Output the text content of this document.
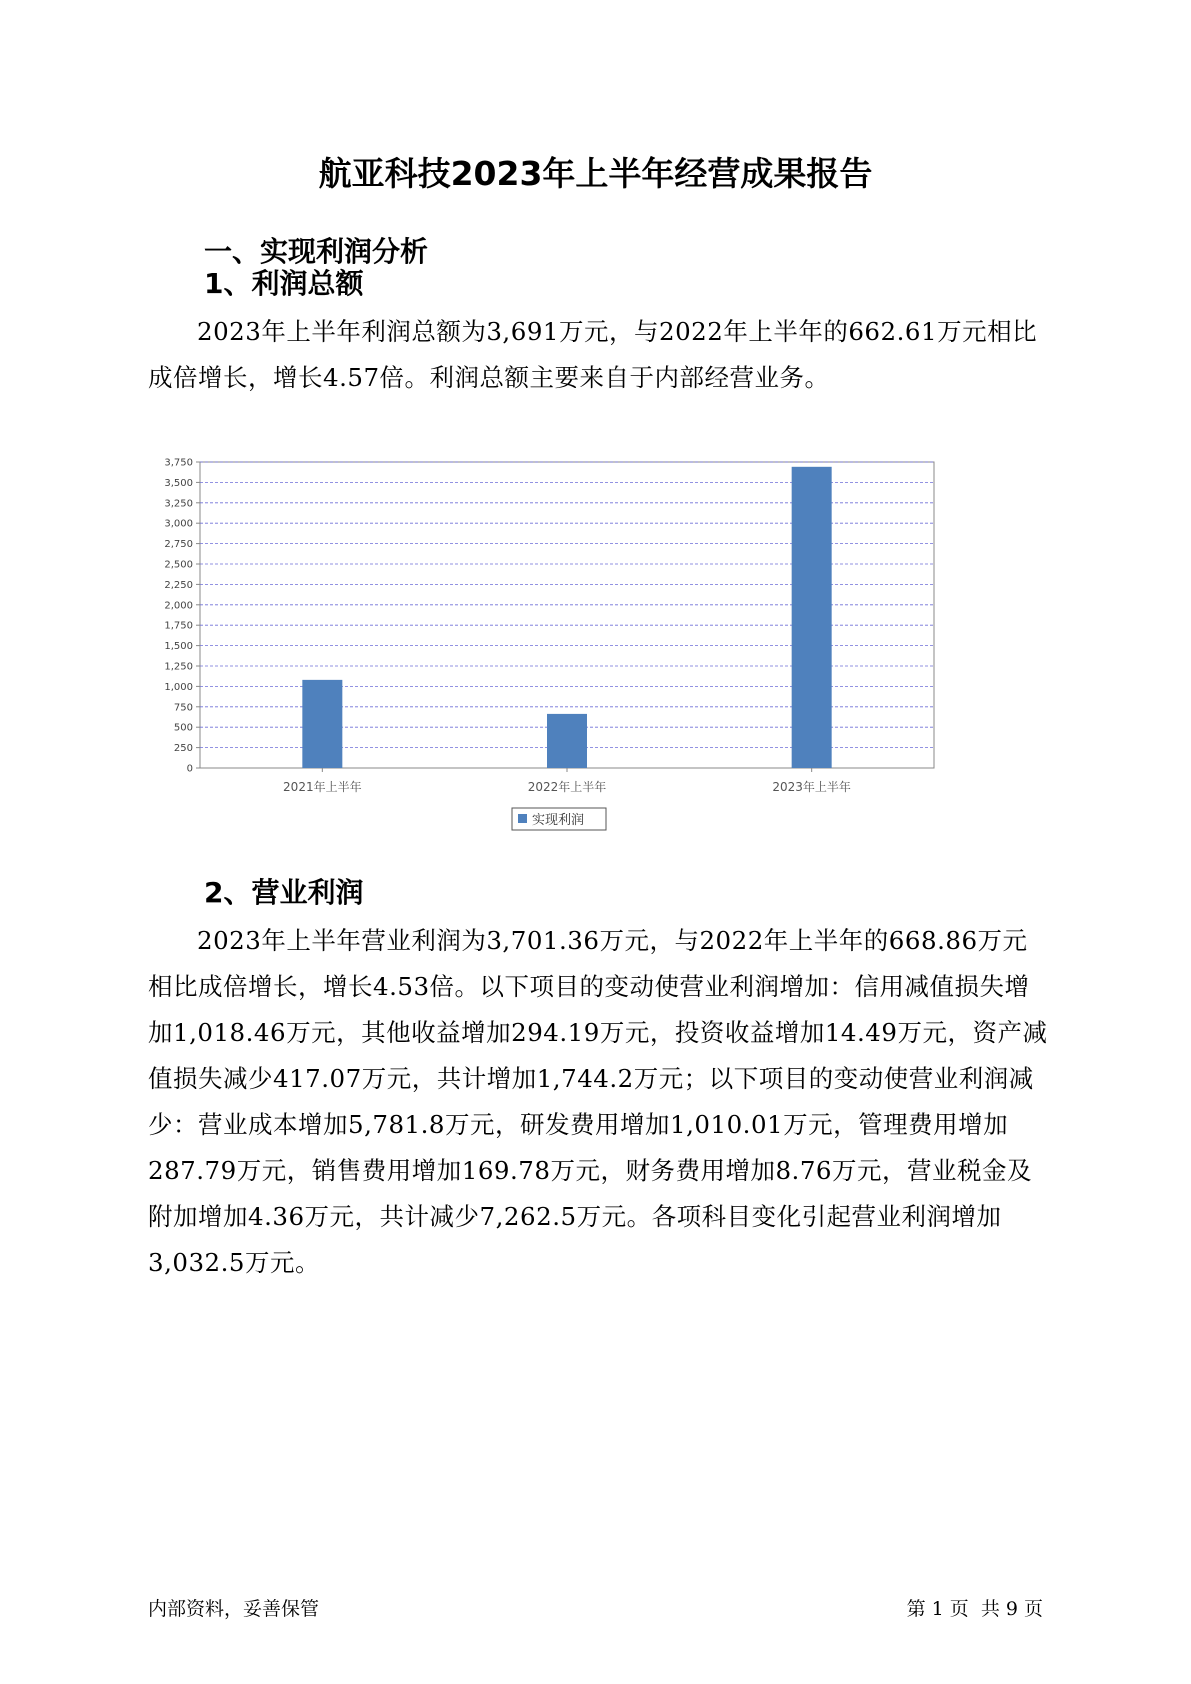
航亚科技2023年上半年经营成果报告
一、实现利润分析
1、利润总额

2023年上半年利润总额为3,691万元，与2022年上半年的662.61万元相比成倍增长，增长4.57倍。利润总额主要来自于内部经营业务。

0
250
500
750
1,000
1,250
1,500
1,750
2,000
2,250
2,500
2,750
3,000
3,250
3,500
3,750
2021年上半年	2022年上半年	2023年上半年
实现利润
2、营业利润

2023年上半年营业利润为3,701.36万元，与2022年上半年的668.86万元相比成倍增长，增长4.53倍。以下项目的变动使营业利润增加：信用减值损失增加1,018.46万元，其他收益增加294.19万元，投资收益增加14.49万元，资产减值损失减少417.07万元，共计增加1,744.2万元；以下项目的变动使营业利润减少：营业成本增加5,781.8万元，研发费用增加1,010.01万元，管理费用增加287.79万元，销售费用增加169.78万元，财务费用增加8.76万元，营业税金及附加增加4.36万元，共计减少7,262.5万元。各项科目变化引起营业利润增加3,032.5万元。

内部资料，妥善保管	第 1 页  共 9 页
